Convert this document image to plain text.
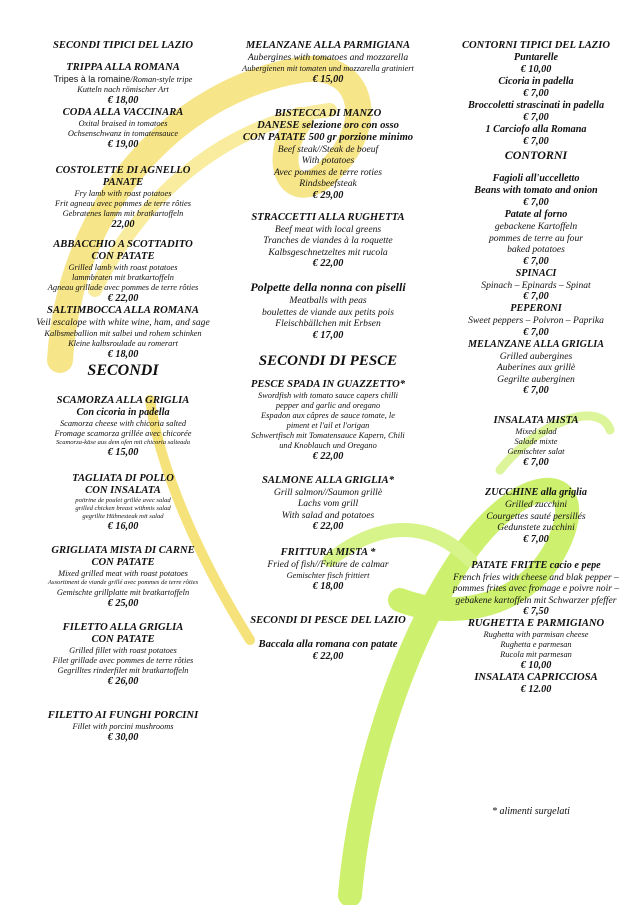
SECONDI TIPICI DEL LAZIO
TRIPPA ALLA ROMANA
Tripes à la romaine/Roman-style tripe
Kutteln nach römischer Art
€ 18,00
CODA ALLA VACCINARA
Oxital braised in tomatoes
Ochsenschwanz in tomatensauce
€ 19,00
COSTOLETTE DI AGNELLO
PANATE
Fry lamb with roast potatoes
Frit agneau avec pommes de terre rôties
Gebratenes lamm mit bratkartoffeln
22,00
ABBACCHIO A SCOTTADITO
CON PATATE
Grilled lamb with roast potatoes
lammbraten mit bratkartoffeln
Agneau grillade avec pommes de terre rôties
€ 22,00
SALTIMBOCCA ALLA ROMANA
Veil escalope with white wine, ham, and sage
Kalbsmeballion mit salbei und rohem schinken
Kleine kalbsroulade au romerart
€ 18,00
SECONDI
SCAMORZA ALLA GRIGLIA
Con cicoria in padella
Scamorza cheese with chicoria salted
Fromage scamorza grillée avec chicorée
Scamorza-käse aus dem ofen mit chicoria salteada
€ 15,00
TAGLIATA DI POLLO
CON INSALATA
poitrine de poulet grillée avec salad
grilled chicken breast withmis salad
gegrillte Hühnesteak mit salad
€ 16,00
GRIGLIATA MISTA DI CARNE
CON PATATE
Mixed grilled meat with roast potatoes
Assortiment de viande grillé avec pommes de terre rôties
Gemischte grillplatte mit bratkartoffeln
€ 25,00
FILETTO ALLA GRIGLIA
CON PATATE
Grilled fillet with roast potatoes
Filet grillade avec pommes de terre rôties
Gegrilltes rinderfilet mit bratkartoffeln
€ 26,00
FILETTO AI FUNGHI PORCINI
Fillet with porcini mushrooms
€ 30,00
MELANZANE ALLA PARMIGIANA
Aubergines with tomatoes and mozzarella
Aubergienen mit tomaten und mozzarella gratiniert
€ 15,00
BISTECCA DI MANZO
DANESE selezione oro con osso
CON PATATE 500 gr porzione minimo
Beef steak//Steak de boeuf
With potatoes
Avec pommes de terre roties
Rindsbeefsteak
€ 29,00
STRACCETTI ALLA RUGHETTA
Beef meat with local greens
Tranches de viandes à la roquette
Kalbsgeschnetzeltes mit rucola
€ 22,00
Polpette della nonna con piselli
Meatballs with peas
boulettes de viande aux petits pois
Fleischbällchen mit Erbsen
€ 17,00
SECONDI DI PESCE
PESCE SPADA IN GUAZZETTO*
Swordfish with tomato sauce capers chilli
pepper and garlic and oregano
Espadon aux câpres de sauce tomate, le
piment et l'ail et l'origan
Schwertfisch mit Tomatensauce Kapern, Chili
und Knoblauch und Oregano
€ 22,00
SALMONE ALLA GRIGLIA*
Grill salmon//Saumon grillè
Lachs vom grill
With salad and potatoes
€ 22,00
FRITTURA MISTA *
Fried of fish//Friture de calmar
Gemischter fisch frittiert
€ 18,00
SECONDI DI PESCE DEL LAZIO
Baccala alla romana con patate
€ 22,00
CONTORNI TIPICI DEL LAZIO
Puntarelle
€ 10,00
Cicoria in padella
€ 7,00
Broccoletti strascinati in padella
€ 7,00
1 Carciofo alla Romana
€ 7,00
CONTORNI
Fagioli all'uccelletto
Beans with tomato and onion
€ 7,00
Patate al forno
gebackene Kartoffeln
pommes de terre au four
baked potatoes
€ 7,00
SPINACI
Spinach – Epinards – Spinat
€ 7,00
PEPERONI
Sweet peppers – Poivron – Paprika
€ 7,00
MELANZANE ALLA GRIGLIA
Grilled aubergines
Auberines aux grillè
Gegrilte auberginen
€ 7,00
INSALATA MISTA
Mixed salad
Salade mixte
Gemischter salat
€ 7,00
ZUCCHINE alla griglia
Grilled zucchini
Courgettes sauté persillés
Gedunstete zucchini
€ 7,00
PATATE FRITTE cacio e pepe
French fries with cheese and blak pepper –
pommes frites avec fromage e poivre noir –
gebakene kartoffeln mit Schwarzer pfeffer
€ 7,50
RUGHETTA E PARMIGIANO
Rughetta with parmisan cheese
Rughetta e parmesan
Rucola mit parmesan
€ 10,00
INSALATA CAPRICCIOSA
€ 12.00
* alimenti surgelati
